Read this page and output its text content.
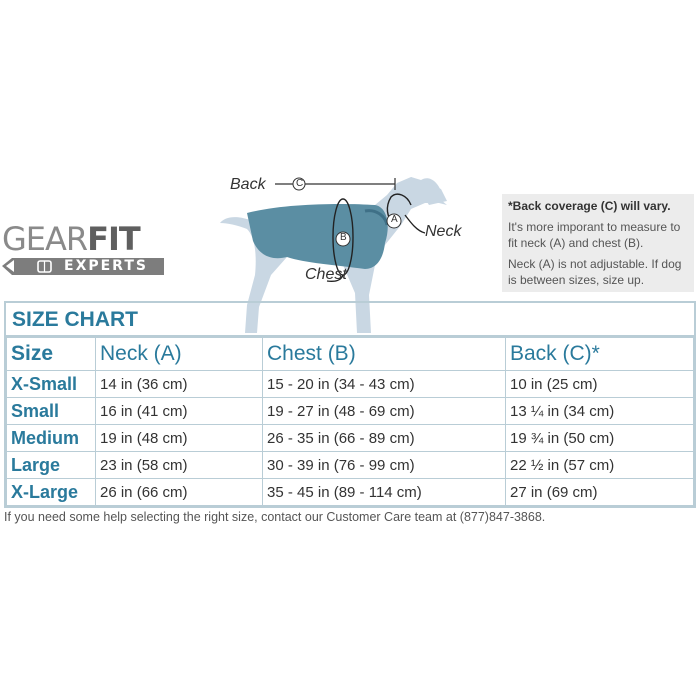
GEARFIT
EXPERTS
Back	C
B
A
Chest
Neck

*Back coverage (C) will vary.

It's more imporant to measure to fit neck (A) and chest (B).

Neck (A) is not adjustable. If dog is between sizes, size up.

SIZE CHART
Size	Neck (A)	Chest (B)	Back (C)*
X-Small	14 in (36 cm)	15 - 20 in (34 - 43 cm)	10 in (25 cm)
Small	16 in (41 cm)	19 - 27 in (48 - 69 cm)	13 ¼ in (34 cm)
Medium	19 in (48 cm)	26 - 35 in (66 - 89 cm)	19 ¾ in (50 cm)
Large	23 in (58 cm)	30 - 39 in (76 - 99 cm)	22 ½ in (57 cm)
X-Large	26 in (66 cm)	35 - 45 in (89 - 114 cm)	27 in (69 cm)
If you need some help selecting the right size, contact our Customer Care team at (877)847-3868.
